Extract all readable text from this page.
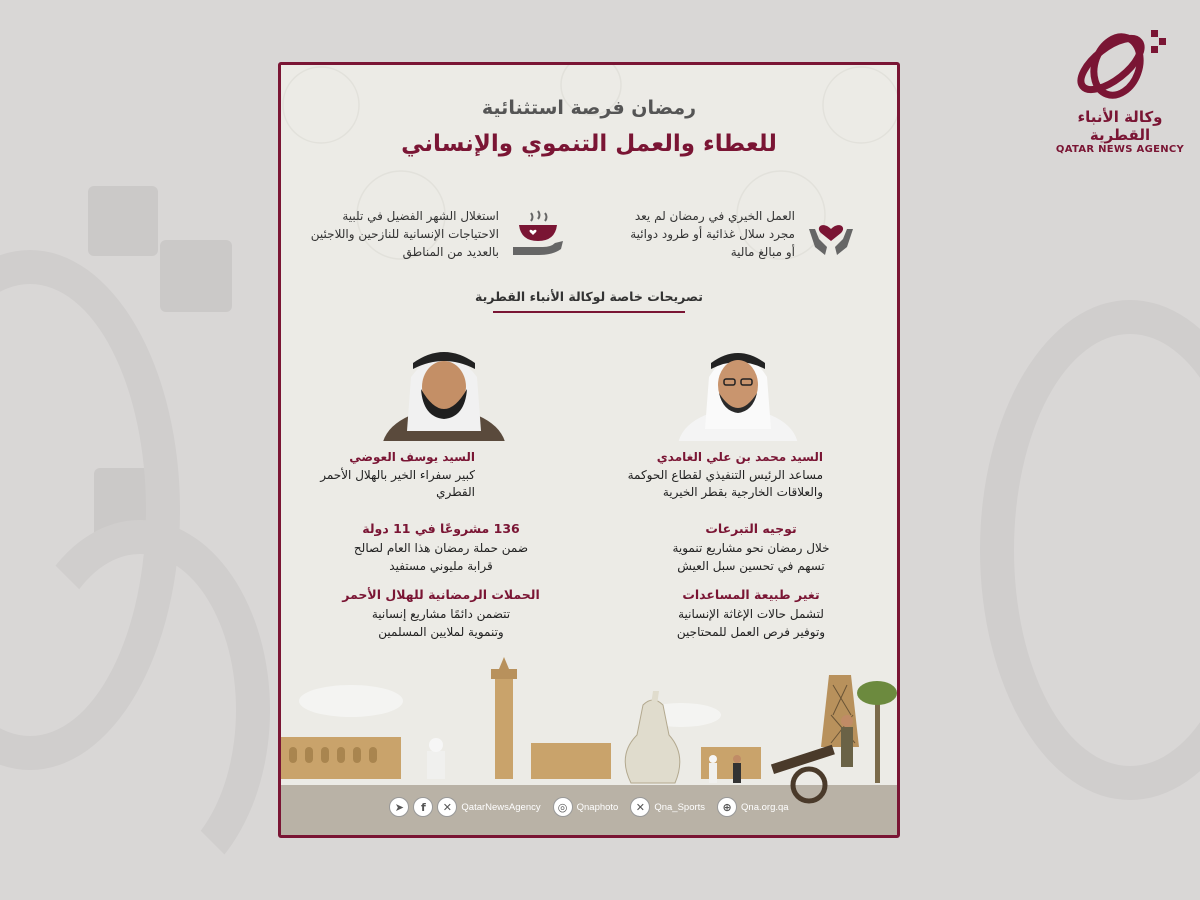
وكالة الأنباء القطرية
QATAR NEWS AGENCY
رمضان فرصة استثنائية
للعطاء والعمل التنموي والإنساني
العمل الخيري في رمضان لم يعد
مجرد سلال غذائية أو طرود دوائية
أو مبالغ مالية
استغلال الشهر الفضيل في تلبية
الاحتياجات الإنسانية للنازحين واللاجئين
بالعديد من المناطق
تصريحات خاصة لوكالة الأنباء القطرية
السيد محمد بن علي الغامدي
مساعد الرئيس التنفيذي لقطاع الحوكمة
والعلاقات الخارجية بقطر الخيرية
توجيه التبرعات
خلال رمضان نحو مشاريع تنموية
تسهم في تحسين سبل العيش
تغير طبيعة المساعدات
لتشمل حالات الإغاثة الإنسانية
وتوفير فرص العمل للمحتاجين
السيد يوسف العوضي
كبير سفراء الخير بالهلال الأحمر
القطري
136 مشروعًا في 11 دولة
ضمن حملة رمضان هذا العام لصالح
قرابة مليوني مستفيد
الحملات الرمضانية للهلال الأحمر
تتضمن دائمًا مشاريع إنسانية
وتنموية لملايين المسلمين
➤	f	✕ QatarNewsAgency	◎ Qnaphoto	✕ Qna_Sports	⊕ Qna.org.qa
